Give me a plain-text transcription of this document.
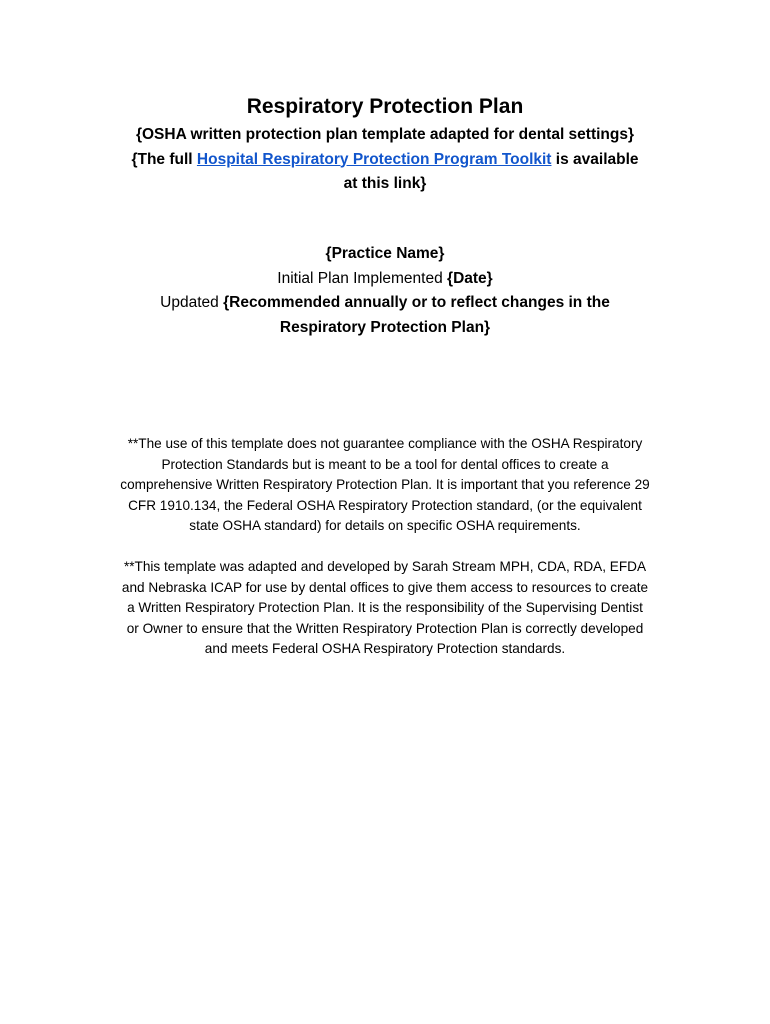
Respiratory Protection Plan
{OSHA written protection plan template adapted for dental settings}
{The full Hospital Respiratory Protection Program Toolkit is available
at this link}
{Practice Name}
Initial Plan Implemented {Date}
Updated {Recommended annually or to reflect changes in the
Respiratory Protection Plan}
**The use of this template does not guarantee compliance with the OSHA Respiratory
Protection Standards but is meant to be a tool for dental offices to create a
comprehensive Written Respiratory Protection Plan. It is important that you reference 29
CFR 1910.134, the Federal OSHA Respiratory Protection standard, (or the equivalent
state OSHA standard) for details on specific OSHA requirements.
**This template was adapted and developed by Sarah Stream MPH, CDA, RDA, EFDA
and Nebraska ICAP for use by dental offices to give them access to resources to create
a Written Respiratory Protection Plan. It is the responsibility of the Supervising Dentist
or Owner to ensure that the Written Respiratory Protection Plan is correctly developed
and meets Federal OSHA Respiratory Protection standards.
